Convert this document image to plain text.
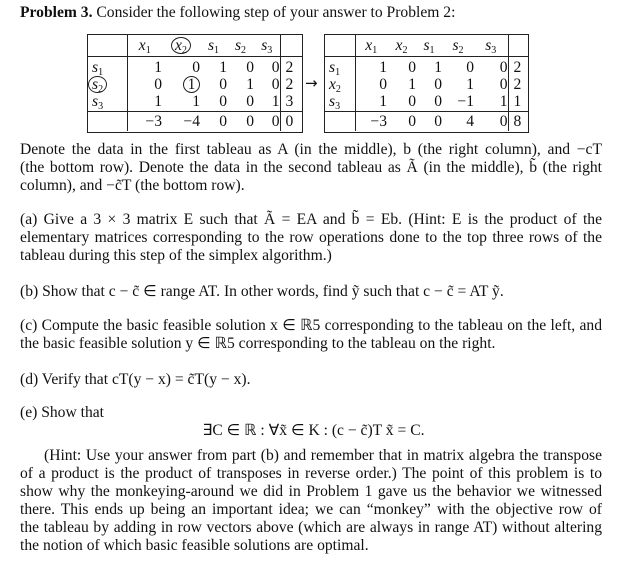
Problem 3. Consider the following step of your answer to Problem 2:
	$x_1$	$x_2$	$s_1$	$s_2$	$s_3$	

$s_1$	1	0	1	0	0	2
$s_2$	0	1	0	1	0	2
$s_3$	1	1	0	0	1	3

	−3	−4	0	0	0	0
→
	$x_1$	$x_2$	$s_1$	$s_2$	$s_3$	

$s_1$	1	0	1	0	0	2
$x_2$	0	1	0	1	0	2
$s_3$	1	0	0	−1	1	1

	−3	0	0	4	0	8
Denote the data in the first tableau as A (in the middle), b (the right column), and −cT
(the bottom row). Denote the data in the second tableau as Ã (in the middle), b̃ (the right
column), and −c̃T (the bottom row).
(a) Give a 3 × 3 matrix E such that Ã = EA and b̃ = Eb. (Hint: E is the product of the
elementary matrices corresponding to the row operations done to the top three rows of the
tableau during this step of the simplex algorithm.)
(b) Show that c − c̃ ∈ range AT. In other words, find ỹ such that c − c̃ = AT ỹ.
(c) Compute the basic feasible solution x ∈ ℝ5 corresponding to the tableau on the left, and
the basic feasible solution y ∈ ℝ5 corresponding to the tableau on the right.
(d) Verify that cT(y − x) = c̃T(y − x).
(e) Show that
∃C ∈ ℝ : ∀x̃ ∈ K : (c − c̃)T x̃ = C.
(Hint: Use your answer from part (b) and remember that in matrix algebra the transpose
of a product is the product of transposes in reverse order.) The point of this problem is to
show why the monkeying-around we did in Problem 1 gave us the behavior we witnessed
there. This ends up being an important idea; we can “monkey” with the objective row of
the tableau by adding in row vectors above (which are always in range AT) without altering
the notion of which basic feasible solutions are optimal.
